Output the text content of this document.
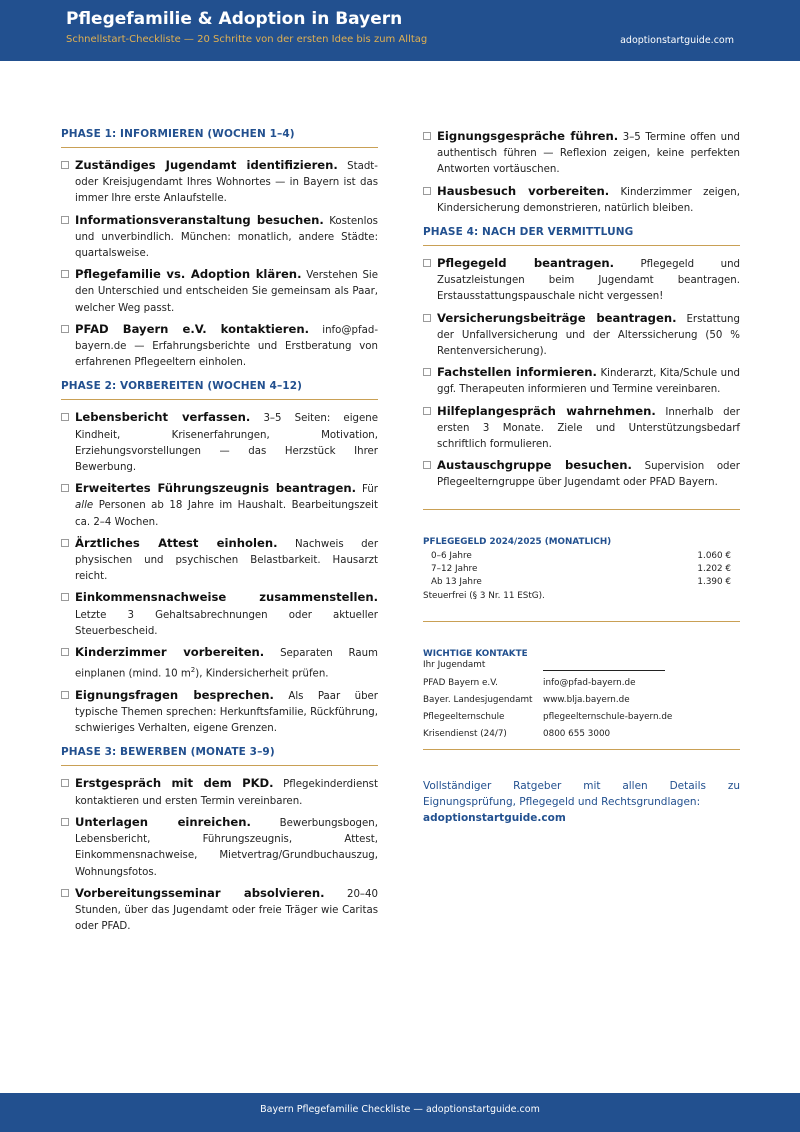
Pflegefamilie & Adoption in Bayern
Schnellstart-Checkliste — 20 Schritte von der ersten Idee bis zum Alltag	adoptionstartguide.com
PHASE 1: INFORMIEREN (WOCHEN 1–4)
Zuständiges Jugendamt identifizieren. Stadt- oder Kreisjugendamt Ihres Wohnortes — in Bayern ist das immer Ihre erste Anlaufstelle.
Informationsveranstaltung besuchen. Kostenlos und unverbindlich. München: monatlich, andere Städte: quartalsweise.
Pflegefamilie vs. Adoption klären. Verstehen Sie den Unterschied und entscheiden Sie gemeinsam als Paar, welcher Weg passt.
PFAD Bayern e.V. kontaktieren. info@pfad-bayern.de — Erfahrungsberichte und Erstberatung von erfahrenen Pflegeeltern einholen.
PHASE 2: VORBEREITEN (WOCHEN 4–12)
Lebensbericht verfassen. 3–5 Seiten: eigene Kindheit, Krisenerfahrungen, Motivation, Erziehungsvorstellungen — das Herzstück Ihrer Bewerbung.
Erweitertes Führungszeugnis beantragen. Für alle Personen ab 18 Jahre im Haushalt. Bearbeitungszeit ca. 2–4 Wochen.
Ärztliches Attest einholen. Nachweis der physischen und psychischen Belastbarkeit. Hausarzt reicht.
Einkommensnachweise zusammenstellen. Letzte 3 Gehaltsabrechnungen oder aktueller Steuerbescheid.
Kinderzimmer vorbereiten. Separaten Raum einplanen (mind. 10 $m^2$), Kindersicherheit prüfen.
Eignungsfragen besprechen. Als Paar über typische Themen sprechen: Herkunftsfamilie, Rückführung, schwieriges Verhalten, eigene Grenzen.
PHASE 3: BEWERBEN (MONATE 3–9)
Erstgespräch mit dem PKD. Pflegekinderdienst kontaktieren und ersten Termin vereinbaren.
Unterlagen einreichen.	Bewerbungsbogen, Lebensbericht, Führungszeugnis, Attest, Einkommensnachweise, Mietvertrag/Grundbuchauszug, Wohnungsfotos.
Vorbereitungsseminar absolvieren. 20–40 Stunden, über das Jugendamt oder freie Träger wie Caritas oder PFAD.
Eignungsgespräche führen. 3–5 Termine offen und authentisch führen — Reflexion zeigen, keine perfekten Antworten vortäuschen.
Hausbesuch vorbereiten. Kinderzimmer zeigen, Kindersicherung demonstrieren, natürlich bleiben.
PHASE 4: NACH DER VERMITTLUNG
Pflegegeld beantragen.	Pflegegeld und Zusatzleistungen beim Jugendamt beantragen. Erstausstattungspauschale nicht vergessen!
Versicherungsbeiträge beantragen. Erstattung der Unfallversicherung und der Alterssicherung (50 % Rentenversicherung).
Fachstellen informieren. Kinderarzt, Kita/Schule und ggf. Therapeuten informieren und Termine vereinbaren.
Hilfeplangespräch wahrnehmen. Innerhalb der ersten 3 Monate. Ziele und Unterstützungsbedarf schriftlich formulieren.
Austauschgruppe besuchen. Supervision oder Pflegeelterngruppe über Jugendamt oder PFAD Bayern.
PFLEGEGELD 2024/2025 (MONATLICH)
0–6 Jahre	1.060 €
7–12 Jahre	1.202 €
Ab 13 Jahre	1.390 €
Steuerfrei (§ 3 Nr. 11 EStG).
WICHTIGE KONTAKTE
Ihr Jugendamt
PFAD Bayern e.V.	info@pfad-bayern.de
Bayer. Landesjugendamt	www.blja.bayern.de
Pflegeelternschule	pflegeelternschule-bayern.de
Krisendienst (24/7)	0800 655 3000
Vollständiger Ratgeber mit allen Details zu Eignungsprüfung, Pflegegeld und Rechtsgrundlagen:
adoptionstartguide.com
Bayern Pflegefamilie Checkliste — adoptionstartguide.com
